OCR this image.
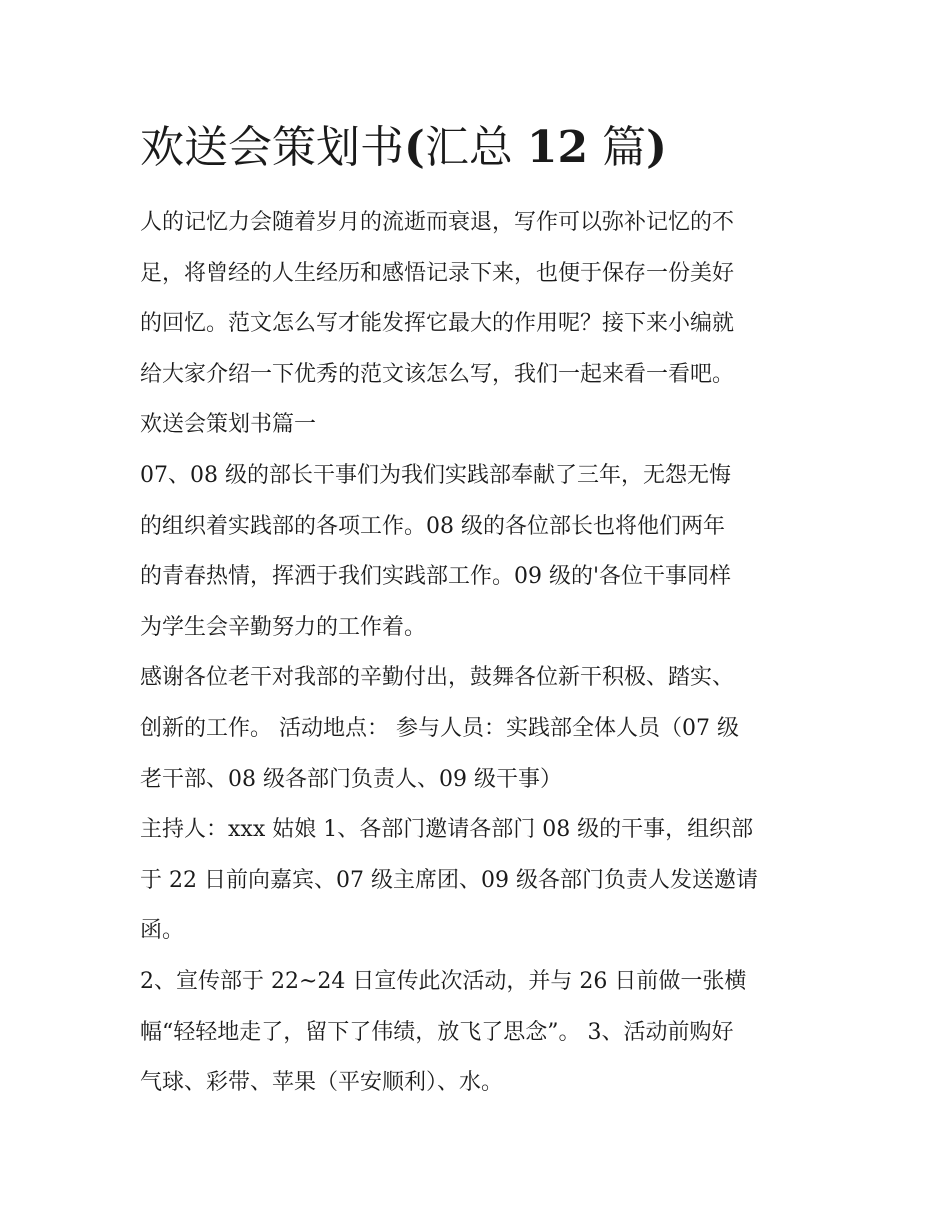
欢送会策划书(汇总 12 篇)
人的记忆力会随着岁月的流逝而衰退，写作可以弥补记忆的不
足，将曾经的人生经历和感悟记录下来，也便于保存一份美好
的回忆。范文怎么写才能发挥它最大的作用呢？接下来小编就
给大家介绍一下优秀的范文该怎么写，我们一起来看一看吧。
欢送会策划书篇一
07、08 级的部长干事们为我们实践部奉献了三年，无怨无悔
的组织着实践部的各项工作。08 级的各位部长也将他们两年
的青春热情，挥洒于我们实践部工作。09 级的'各位干事同样
为学生会辛勤努力的工作着。
感谢各位老干对我部的辛勤付出，鼓舞各位新干积极、踏实、
创新的工作。 活动地点： 参与人员：实践部全体人员（07 级
老干部、08 级各部门负责人、09 级干事）
主持人：xxx 姑娘 1、各部门邀请各部门 08 级的干事，组织部
于 22 日前向嘉宾、07 级主席团、09 级各部门负责人发送邀请
函。
2、宣传部于 22~24 日宣传此次活动，并与 26 日前做一张横
幅“轻轻地走了，留下了伟绩，放飞了思念”。 3、活动前购好
气球、彩带、苹果（平安顺利）、水。
